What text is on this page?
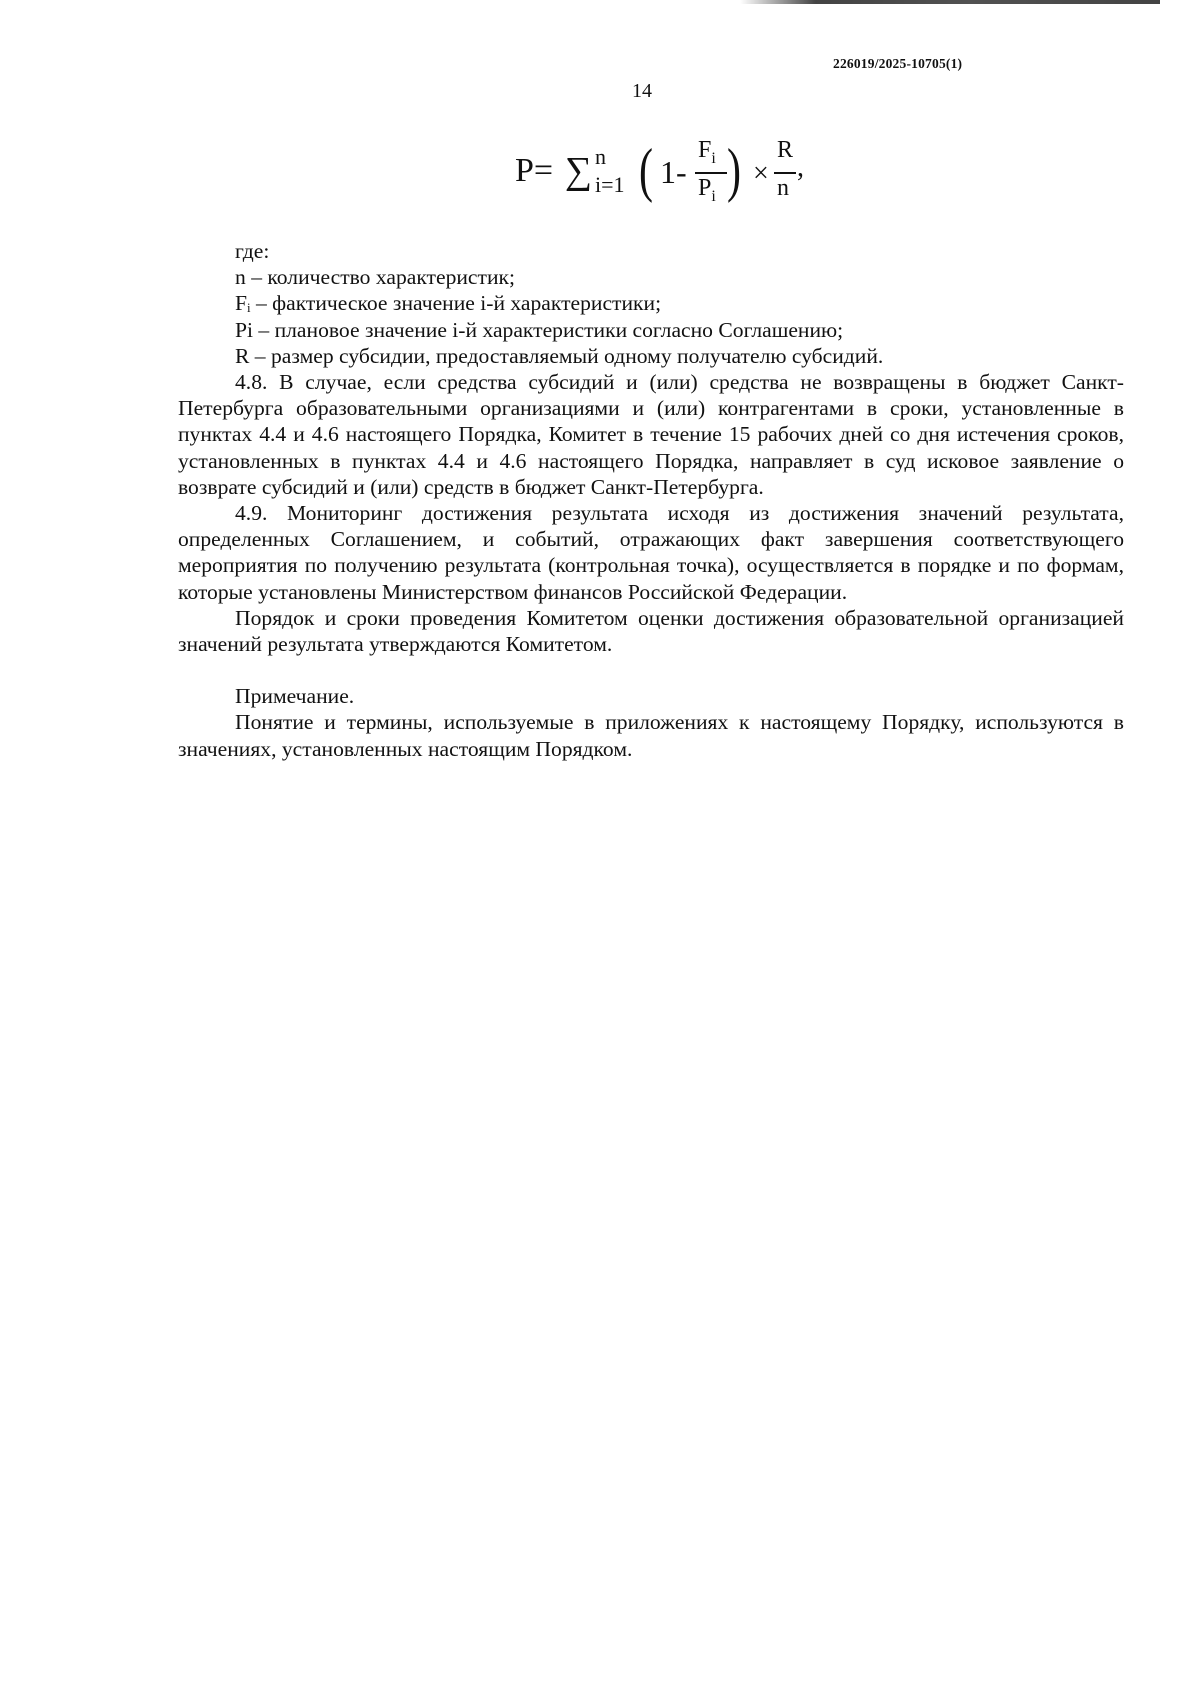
226019/2025-10705(1)
14
P= ∑ n
i=1 ( 1-
$F_i$
$P_i$ ) ×
R
n
,

где:

n – количество характеристик;

Fᵢ – фактическое значение i-й характеристики;

Pi – плановое значение i-й характеристики согласно Соглашению;

R – размер субсидии, предоставляемый одному получателю субсидий.

4.8. В случае, если средства субсидий и (или) средства не возвращены в бюджет Санкт-Петербурга образовательными организациями и (или) контрагентами в сроки, установленные в пунктах 4.4 и 4.6 настоящего Порядка, Комитет в течение 15 рабочих дней со дня истечения сроков, установленных в пунктах 4.4 и 4.6 настоящего Порядка, направляет в суд исковое заявление о возврате субсидий и (или) средств в бюджет Санкт-Петербурга.

4.9. Мониторинг достижения результата исходя из достижения значений результата, определенных Соглашением, и событий, отражающих факт завершения соответствующего мероприятия по получению результата (контрольная точка), осуществляется в порядке и по формам, которые установлены Министерством финансов Российской Федерации.

Порядок и сроки проведения Комитетом оценки достижения образовательной организацией значений результата утверждаются Комитетом.

Примечание.

Понятие и термины, используемые в приложениях к настоящему Порядку, используются в значениях, установленных настоящим Порядком.
